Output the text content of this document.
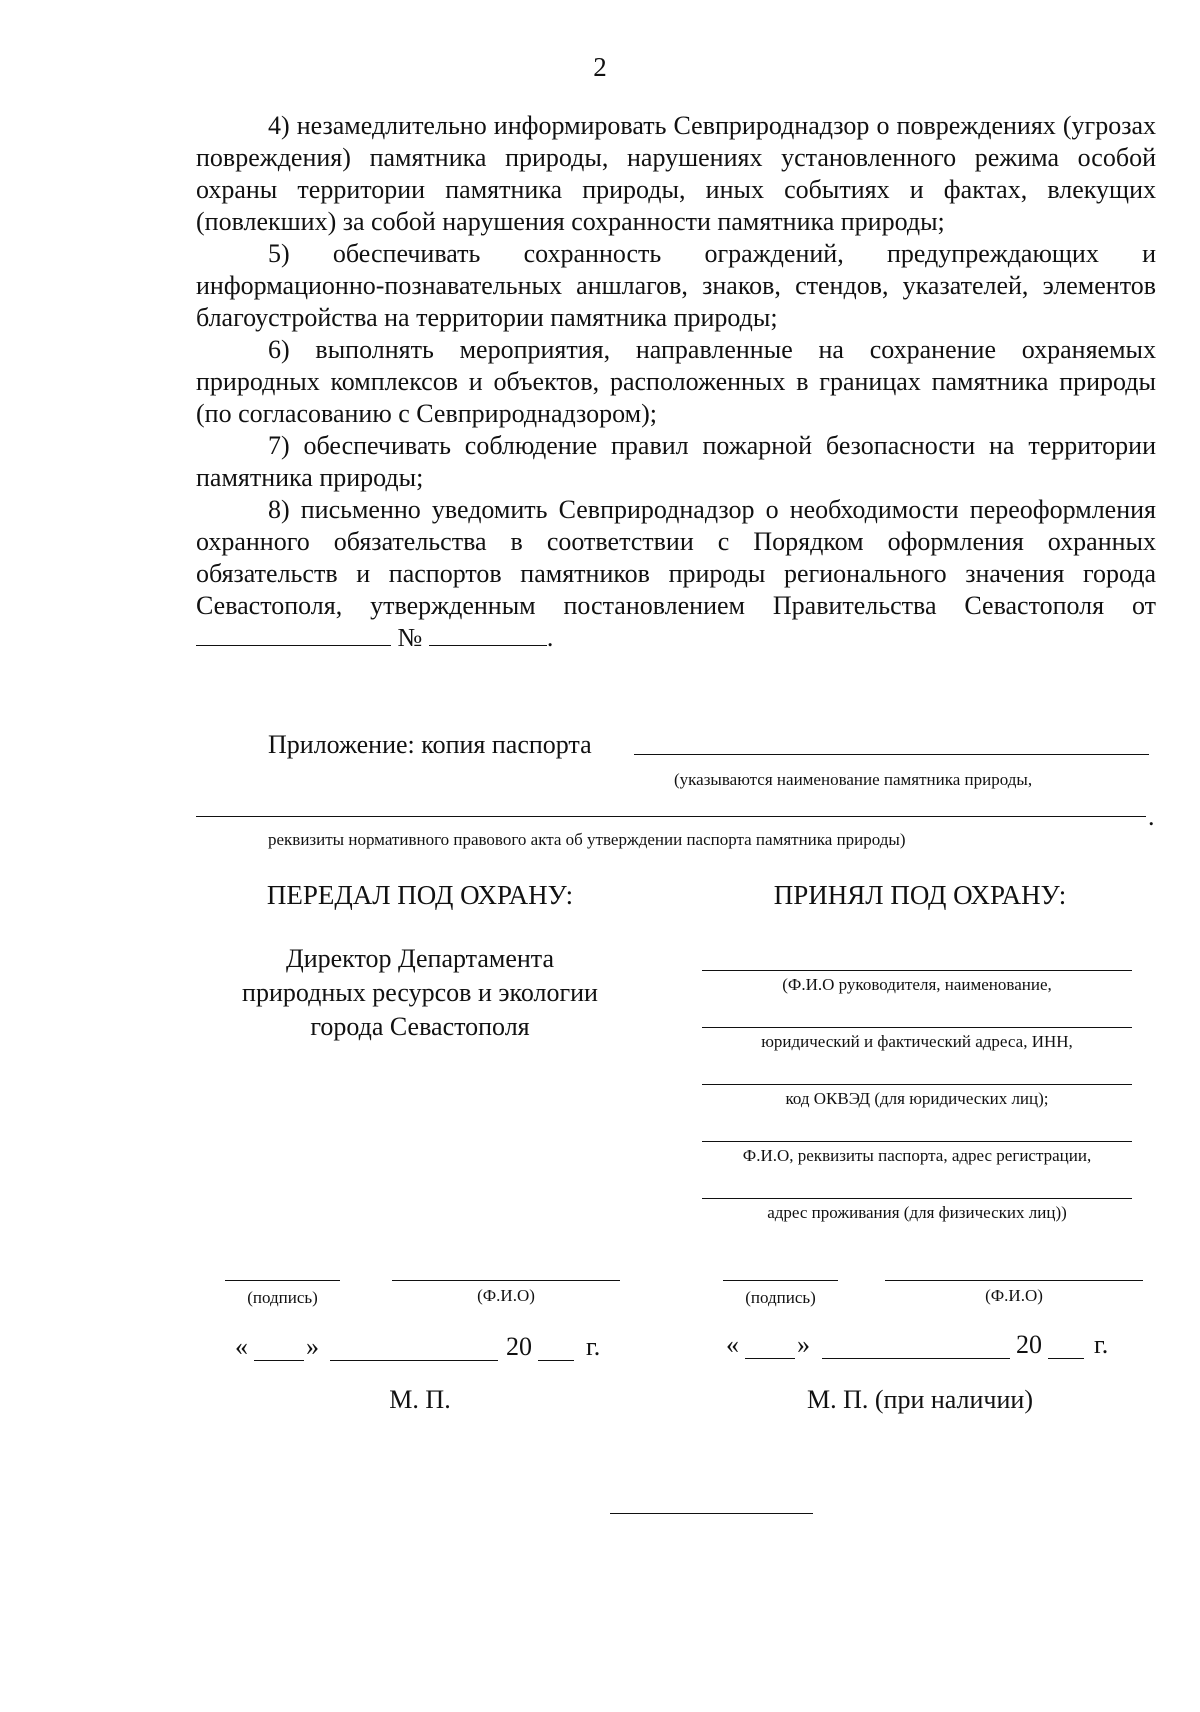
2

4) незамедлительно информировать Севприроднадзор о повреждениях (угрозах повреждения) памятника природы, нарушениях установленного режима особой охраны территории памятника природы, иных событиях и фактах, влекущих (повлекших) за собой нарушения сохранности памятника природы;

5) обеспечивать сохранность ограждений, предупреждающих и информационно-познавательных аншлагов, знаков, стендов, указателей, элементов благоустройства на территории памятника природы;

6) выполнять мероприятия, направленные на сохранение охраняемых природных комплексов и объектов, расположенных в границах памятника природы (по согласованию с Севприроднадзором);

7) обеспечивать соблюдение правил пожарной безопасности на территории памятника природы;

8) письменно уведомить Севприроднадзор о необходимости переоформления охранного обязательства в соответствии с Порядком оформления охранных обязательств и паспортов памятников природы регионального значения города Севастополя, утвержденным постановлением Правительства Севастополя от  №	.

Приложение: копия паспорта
(указываются наименование памятника природы,
.
реквизиты нормативного правового акта об утверждении паспорта памятника природы)
ПЕРЕДАЛ ПОД ОХРАНУ:
Директор Департамента
природных ресурсов и экологии
города Севастополя
(подпись)	(Ф.И.О)
« »	20 г.
М. П.
ПРИНЯЛ ПОД ОХРАНУ:
(Ф.И.О руководителя, наименование,
юридический и фактический адреса, ИНН,
код ОКВЭД (для юридических лиц);
Ф.И.О, реквизиты паспорта, адрес регистрации,
адрес проживания (для физических лиц))
(подпись)	(Ф.И.О)
« »	20 г.
М. П. (при наличии)
